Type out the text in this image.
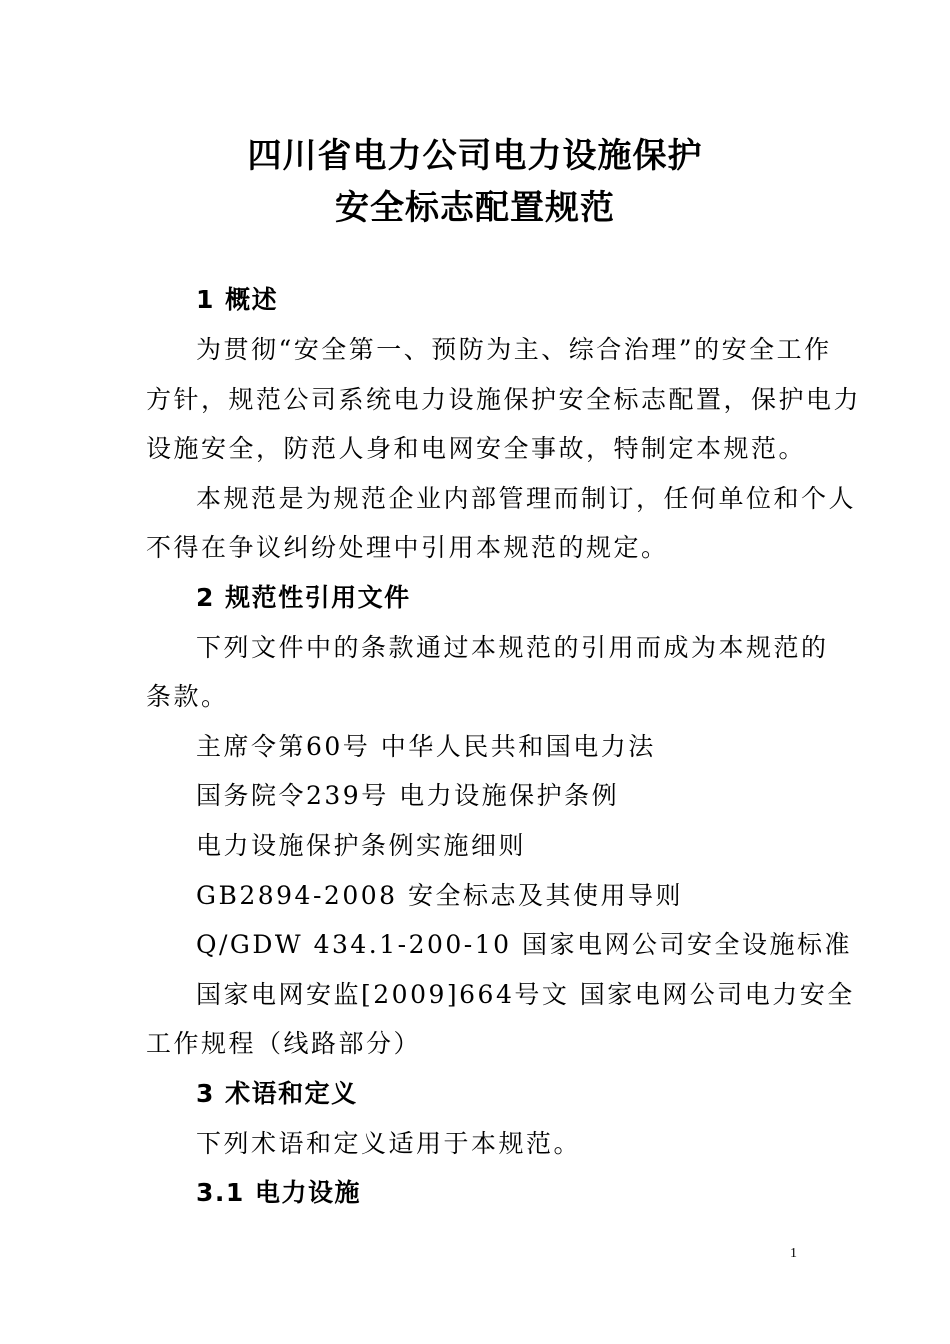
四川省电力公司电力设施保护
安全标志配置规范
1 概述
为贯彻“安全第一、预防为主、综合治理”的安全工作
方针，规范公司系统电力设施保护安全标志配置，保护电力
设施安全，防范人身和电网安全事故，特制定本规范。
本规范是为规范企业内部管理而制订，任何单位和个人
不得在争议纠纷处理中引用本规范的规定。
2 规范性引用文件
下列文件中的条款通过本规范的引用而成为本规范的
条款。
主席令第60号 中华人民共和国电力法
国务院令239号 电力设施保护条例
电力设施保护条例实施细则
GB2894-2008 安全标志及其使用导则
Q/GDW 434.1-200-10 国家电网公司安全设施标准
国家电网安监[2009]664号文 国家电网公司电力安全
工作规程（线路部分）
3 术语和定义
下列术语和定义适用于本规范。
3.1 电力设施
1
